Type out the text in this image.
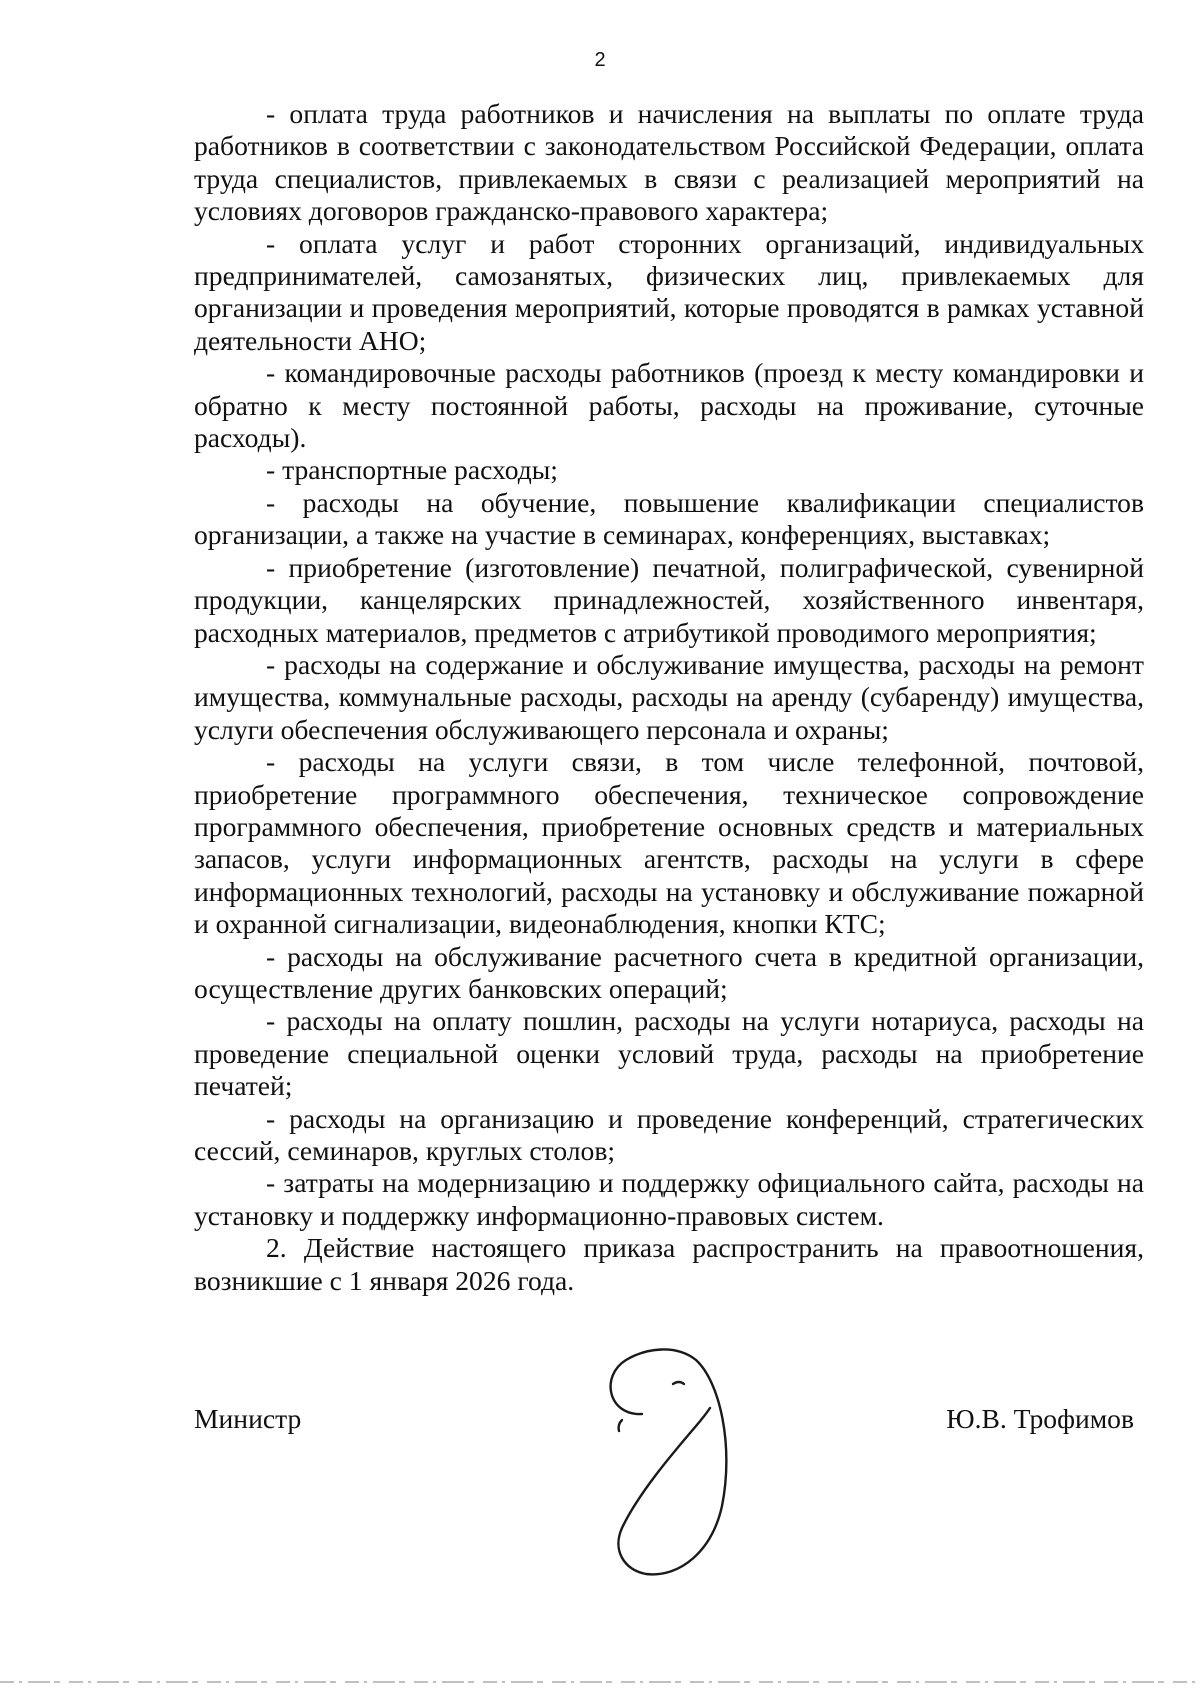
2

- оплата труда работников и начисления на выплаты по оплате труда работников в соответствии с законодательством Российской Федерации, оплата труда специалистов, привлекаемых в связи с реализацией мероприятий на условиях договоров гражданско-правового характера;

- оплата услуг и работ сторонних организаций, индивидуальных предпринимателей, самозанятых, физических лиц, привлекаемых для организации и проведения мероприятий, которые проводятся в рамках уставной деятельности АНО;

- командировочные расходы работников (проезд к месту командировки и обратно к месту постоянной работы, расходы на проживание, суточные расходы).

- транспортные расходы;

- расходы на обучение, повышение квалификации специалистов организации, а также на участие в семинарах, конференциях, выставках;

- приобретение (изготовление) печатной, полиграфической, сувенирной продукции, канцелярских принадлежностей, хозяйственного инвентаря, расходных материалов, предметов с атрибутикой проводимого мероприятия;

- расходы на содержание и обслуживание имущества, расходы на ремонт имущества, коммунальные расходы, расходы на аренду (субаренду) имущества, услуги обеспечения обслуживающего персонала и охраны;

- расходы на услуги связи, в том числе телефонной, почтовой, приобретение программного обеспечения, техническое сопровождение программного обеспечения, приобретение основных средств и материальных запасов, услуги информационных агентств, расходы на услуги в сфере информационных технологий, расходы на установку и обслуживание пожарной и охранной сигнализации, видеонаблюдения, кнопки КТС;

- расходы на обслуживание расчетного счета в кредитной организации, осуществление других банковских операций;

- расходы на оплату пошлин, расходы на услуги нотариуса, расходы на проведение специальной оценки условий труда, расходы на приобретение печатей;

- расходы на организацию и проведение конференций, стратегических сессий, семинаров, круглых столов;

- затраты на модернизацию и поддержку официального сайта, расходы на установку и поддержку информационно-правовых систем.

2. Действие настоящего приказа распространить на правоотношения, возникшие с 1 января 2026 года.

Министр	Ю.В. Трофимов
